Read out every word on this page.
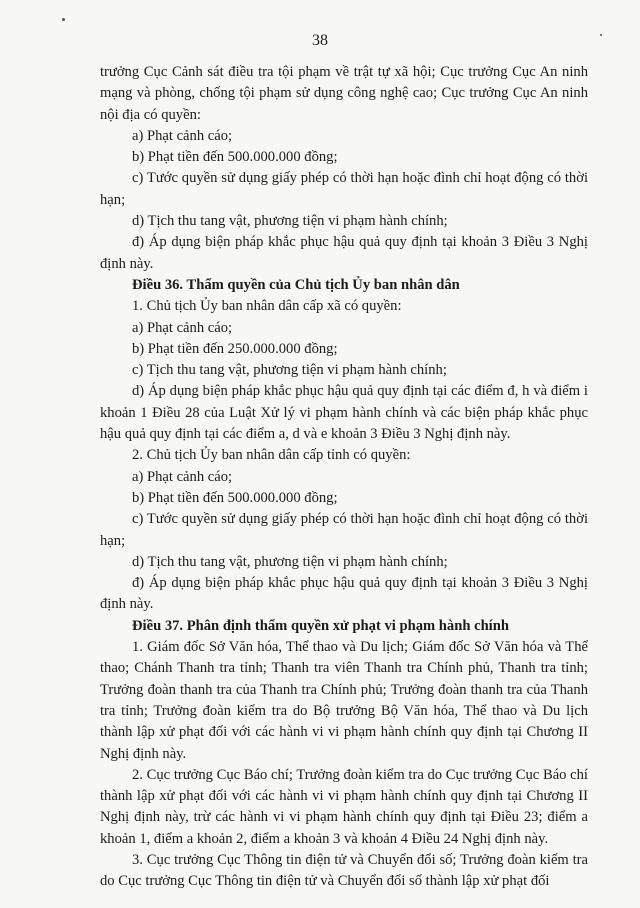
38

trưởng Cục Cảnh sát điều tra tội phạm về trật tự xã hội; Cục trưởng Cục An ninh mạng và phòng, chống tội phạm sử dụng công nghệ cao; Cục trưởng Cục An ninh nội địa có quyền:

a) Phạt cảnh cáo;

b) Phạt tiền đến 500.000.000 đồng;

c) Tước quyền sử dụng giấy phép có thời hạn hoặc đình chỉ hoạt động có thời hạn;

d) Tịch thu tang vật, phương tiện vi phạm hành chính;

đ) Áp dụng biện pháp khắc phục hậu quả quy định tại khoản 3 Điều 3 Nghị định này.

Điều 36. Thẩm quyền của Chủ tịch Ủy ban nhân dân

1. Chủ tịch Ủy ban nhân dân cấp xã có quyền:

a) Phạt cảnh cáo;

b) Phạt tiền đến 250.000.000 đồng;

c) Tịch thu tang vật, phương tiện vi phạm hành chính;

d) Áp dụng biện pháp khắc phục hậu quả quy định tại các điểm đ, h và điểm i khoản 1 Điều 28 của Luật Xử lý vi phạm hành chính và các biện pháp khắc phục hậu quả quy định tại các điểm a, d và e khoản 3 Điều 3 Nghị định này.

2. Chủ tịch Ủy ban nhân dân cấp tỉnh có quyền:

a) Phạt cảnh cáo;

b) Phạt tiền đến 500.000.000 đồng;

c) Tước quyền sử dụng giấy phép có thời hạn hoặc đình chỉ hoạt động có thời hạn;

d) Tịch thu tang vật, phương tiện vi phạm hành chính;

đ) Áp dụng biện pháp khắc phục hậu quả quy định tại khoản 3 Điều 3 Nghị định này.

Điều 37. Phân định thẩm quyền xử phạt vi phạm hành chính

1. Giám đốc Sở Văn hóa, Thể thao và Du lịch; Giám đốc Sở Văn hóa và Thể thao; Chánh Thanh tra tỉnh; Thanh tra viên Thanh tra Chính phủ, Thanh tra tỉnh; Trưởng đoàn thanh tra của Thanh tra Chính phủ; Trưởng đoàn thanh tra của Thanh tra tỉnh; Trưởng đoàn kiểm tra do Bộ trưởng Bộ Văn hóa, Thể thao và Du lịch thành lập xử phạt đối với các hành vi vi phạm hành chính quy định tại Chương II Nghị định này.

2. Cục trưởng Cục Báo chí; Trưởng đoàn kiểm tra do Cục trưởng Cục Báo chí thành lập xử phạt đối với các hành vi vi phạm hành chính quy định tại Chương II Nghị định này, trừ các hành vi vi phạm hành chính quy định tại Điều 23; điểm a khoản 1, điểm a khoản 2, điểm a khoản 3 và khoản 4 Điều 24 Nghị định này.

3. Cục trưởng Cục Thông tin điện tử và Chuyển đổi số; Trưởng đoàn kiểm tra do Cục trưởng Cục Thông tin điện tử và Chuyển đổi số thành lập xử phạt đối
